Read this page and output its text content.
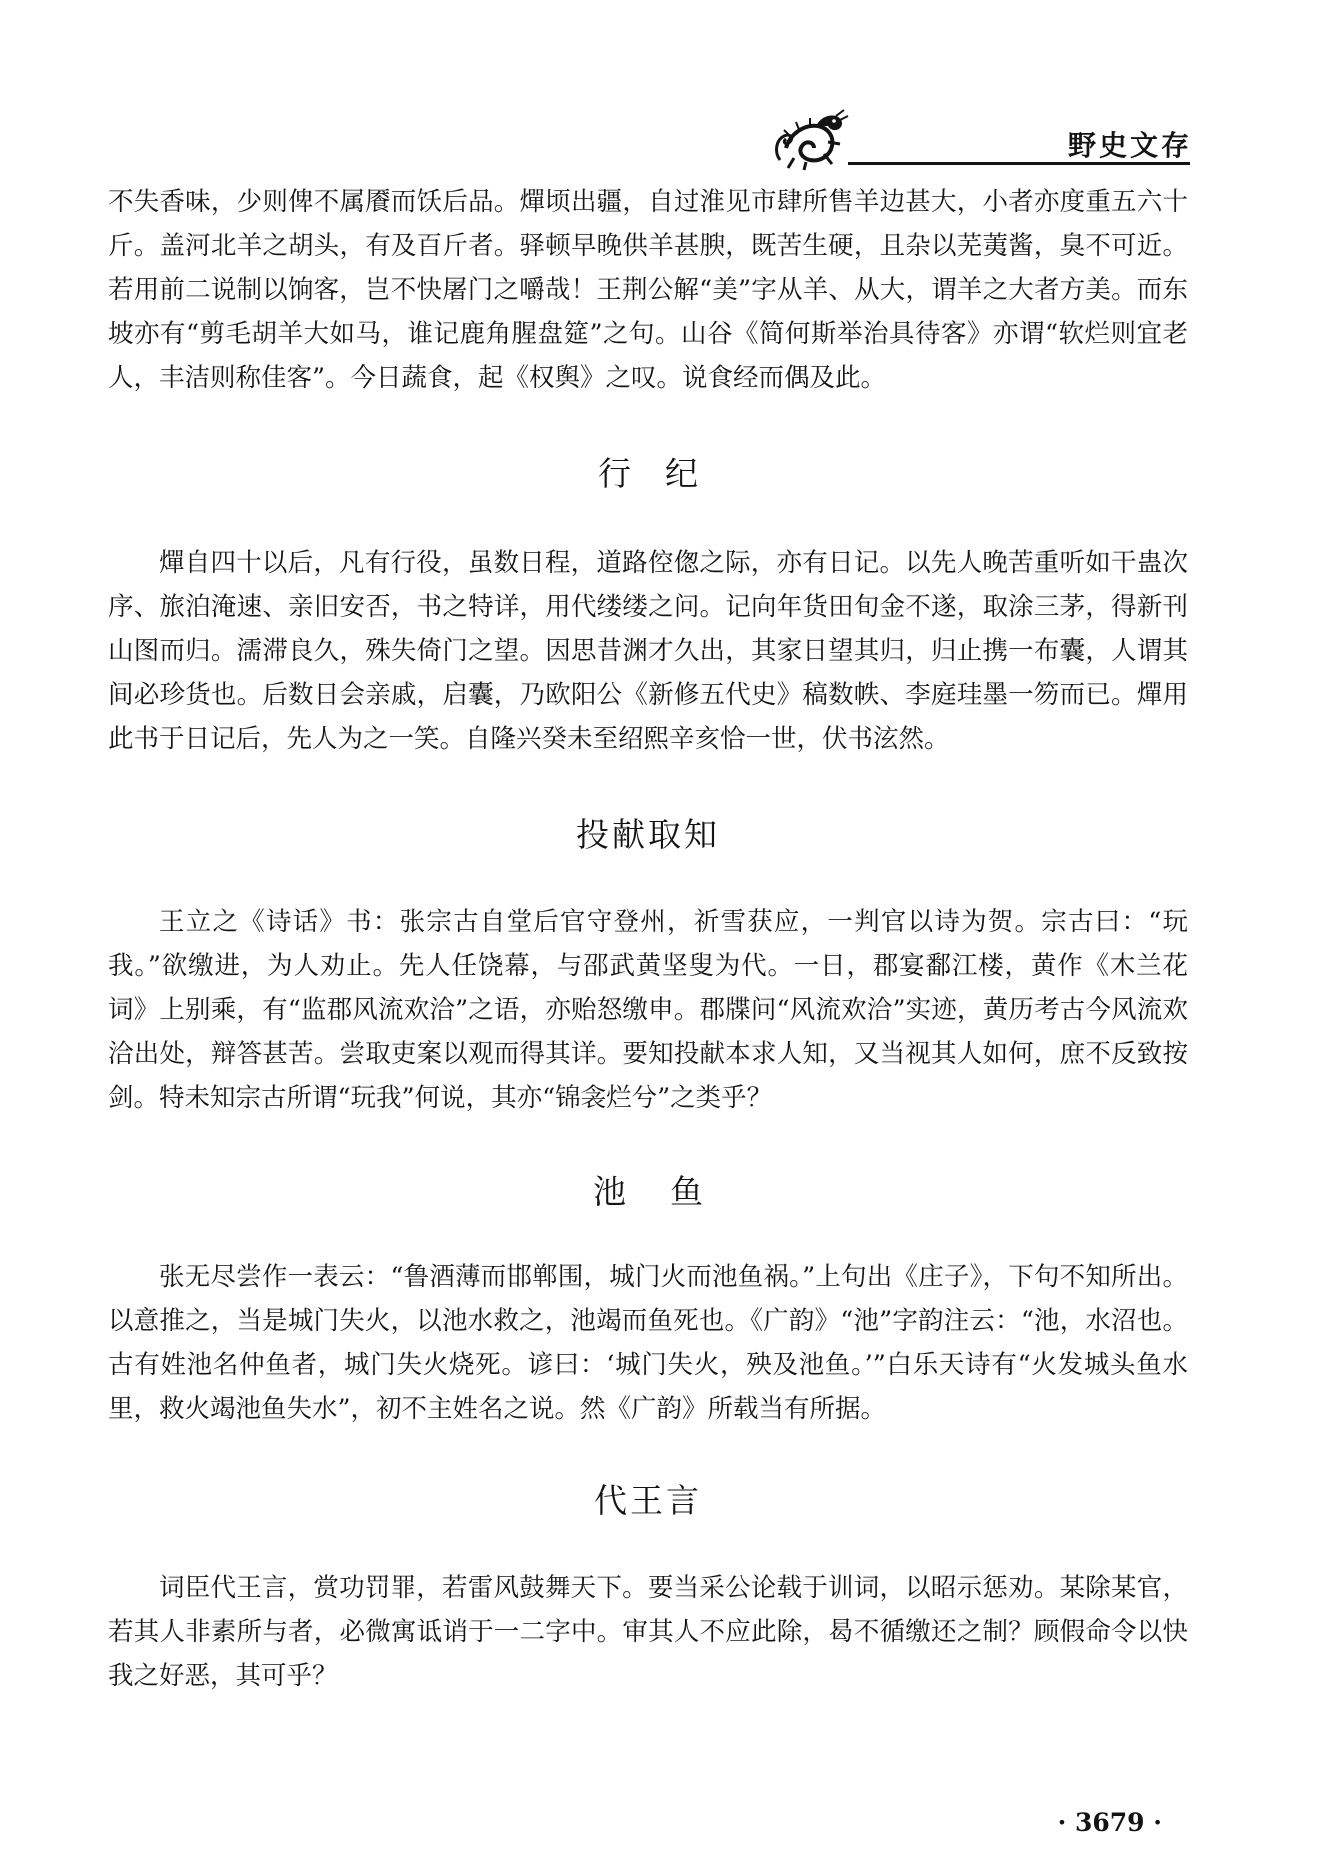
野史文存

不失香味，少则俾不属餍而饫后品。燀顷出疆，自过淮见市肆所售羊边甚大，小者亦度重五六十斤。盖河北羊之胡头，有及百斤者。驿顿早晚供羊甚腴，既苦生硬，且杂以芜荑酱，臭不可近。若用前二说制以饷客，岂不快屠门之嚼哉！王荆公解“美”字从羊、从大，谓羊之大者方美。而东坡亦有“剪毛胡羊大如马，谁记鹿角腥盘筵”之句。山谷《简何斯举治具待客》亦谓“软烂则宜老人，丰洁则称佳客”。今日蔬食，起《权舆》之叹。说食经而偶及此。

行纪

燀自四十以后，凡有行役，虽数日程，道路倥偬之际，亦有日记。以先人晚苦重听如干蛊次序、旅泊淹速、亲旧安否，书之特详，用代缕缕之问。记向年货田旬金不遂，取涂三茅，得新刊山图而归。濡滞良久，殊失倚门之望。因思昔渊才久出，其家日望其归，归止携一布囊，人谓其间必珍货也。后数日会亲戚，启囊，乃欧阳公《新修五代史》稿数帙、李庭珪墨一笏而已。燀用此书于日记后，先人为之一笑。自隆兴癸未至绍熙辛亥恰一世，伏书泫然。

投献取知

王立之《诗话》书：张宗古自堂后官守登州，祈雪获应，一判官以诗为贺。宗古曰：“玩我。”欲缴进，为人劝止。先人任饶幕，与邵武黄坚叟为代。一日，郡宴鄱江楼，黄作《木兰花词》上别乘，有“监郡风流欢洽”之语，亦贻怒缴申。郡牒问“风流欢洽”实迹，黄历考古今风流欢洽出处，辩答甚苦。尝取吏案以观而得其详。要知投献本求人知，又当视其人如何，庶不反致按剑。特未知宗古所谓“玩我”何说，其亦“锦衾烂兮”之类乎？

池鱼

张无尽尝作一表云：“鲁酒薄而邯郸围，城门火而池鱼祸。”上句出《庄子》，下句不知所出。以意推之，当是城门失火，以池水救之，池竭而鱼死也。《广韵》“池”字韵注云：“池，水沼也。古有姓池名仲鱼者，城门失火烧死。谚曰：‘城门失火，殃及池鱼。’”白乐天诗有“火发城头鱼水里，救火竭池鱼失水”，初不主姓名之说。然《广韵》所载当有所据。

代王言

词臣代王言，赏功罚罪，若雷风鼓舞天下。要当采公论载于训词，以昭示惩劝。某除某官，若其人非素所与者，必微寓诋诮于一二字中。审其人不应此除，曷不循缴还之制？顾假命令以快我之好恶，其可乎？

· 3679 ·
